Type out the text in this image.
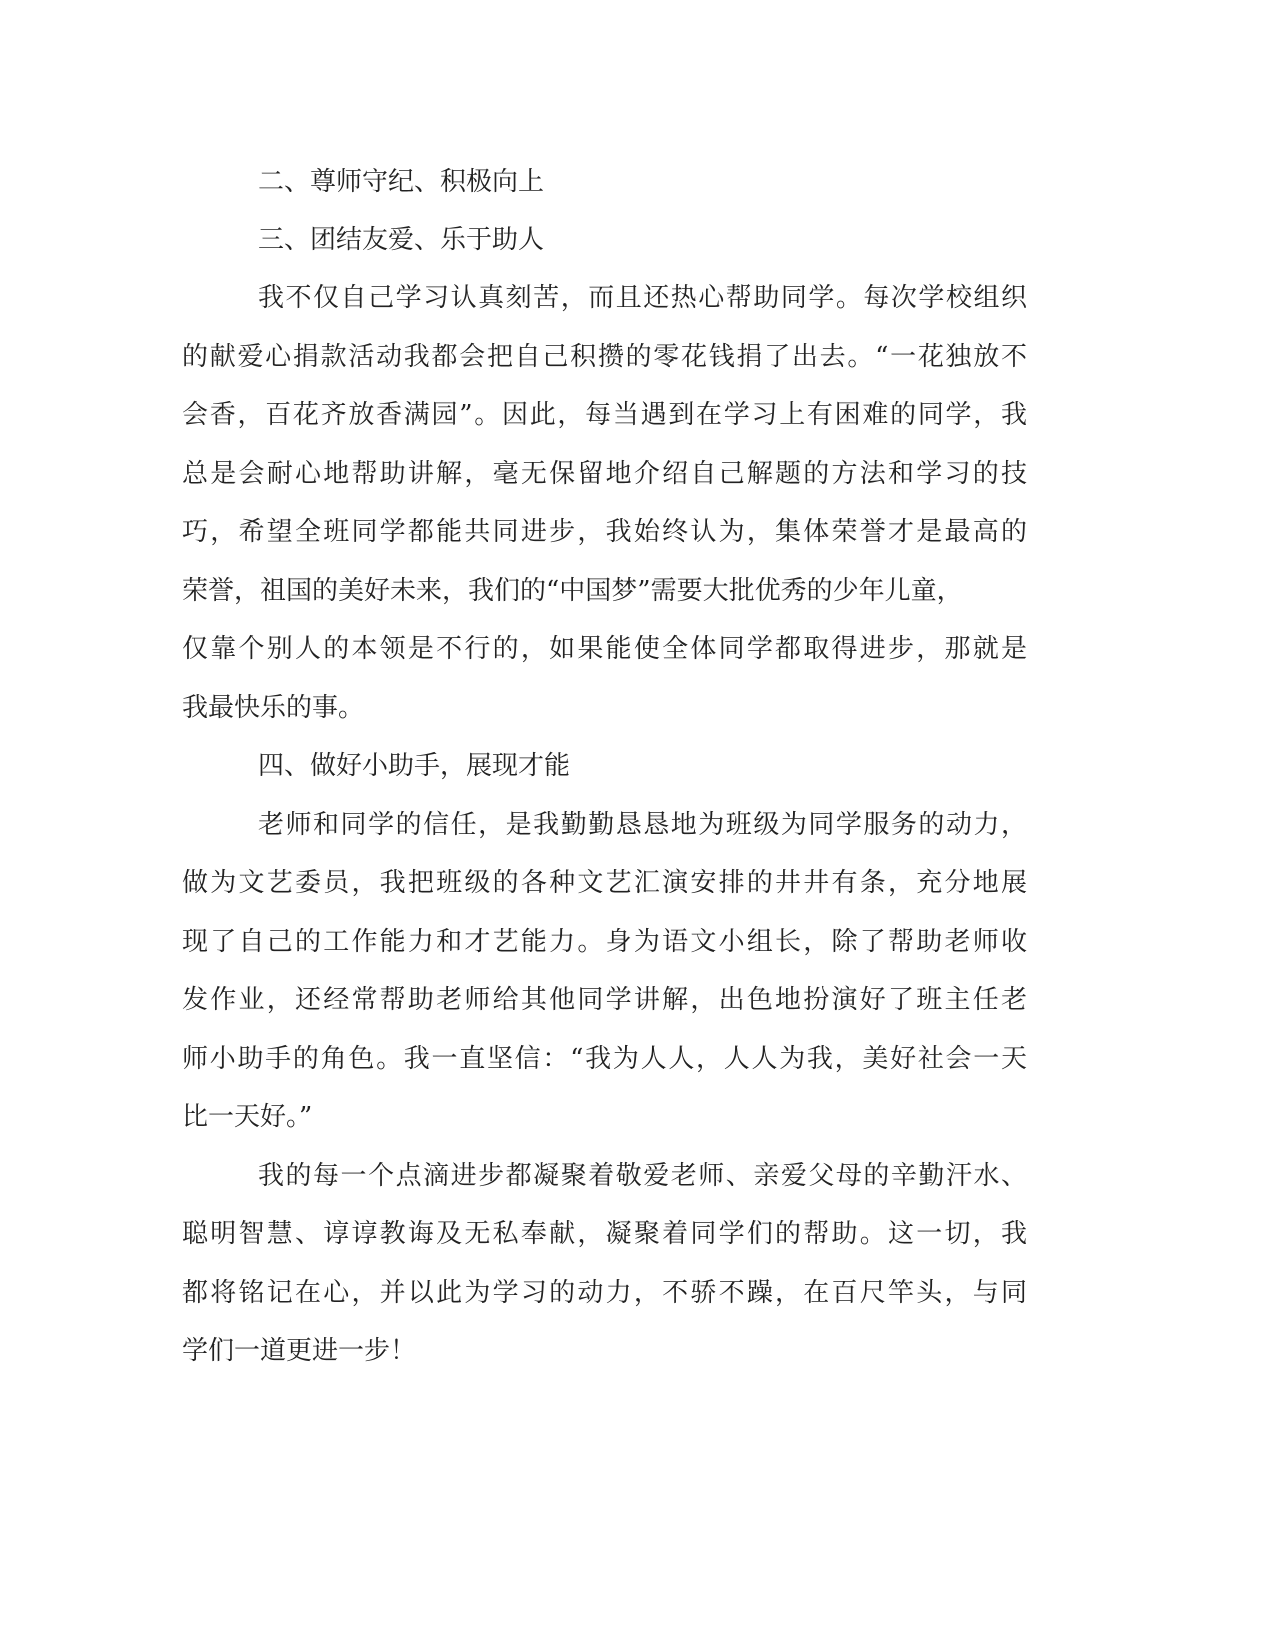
二、尊师守纪、积极向上
三、团结友爱、乐于助人
我不仅自己学习认真刻苦，而且还热心帮助同学。每次学校组织
的献爱心捐款活动我都会把自己积攒的零花钱捐了出去。“一花独放不
会香，百花齐放香满园”。因此，每当遇到在学习上有困难的同学，我
总是会耐心地帮助讲解，毫无保留地介绍自己解题的方法和学习的技
巧，希望全班同学都能共同进步，我始终认为，集体荣誉才是最高的
荣誉，祖国的美好未来，我们的“中国梦”需要大批优秀的少年儿童，
仅靠个别人的本领是不行的，如果能使全体同学都取得进步，那就是
我最快乐的事。
四、做好小助手，展现才能
老师和同学的信任，是我勤勤恳恳地为班级为同学服务的动力，
做为文艺委员，我把班级的各种文艺汇演安排的井井有条，充分地展
现了自己的工作能力和才艺能力。身为语文小组长，除了帮助老师收
发作业，还经常帮助老师给其他同学讲解，出色地扮演好了班主任老
师小助手的角色。我一直坚信：“我为人人，人人为我，美好社会一天
比一天好。”
我的每一个点滴进步都凝聚着敬爱老师、亲爱父母的辛勤汗水、
聪明智慧、谆谆教诲及无私奉献，凝聚着同学们的帮助。这一切，我
都将铭记在心，并以此为学习的动力，不骄不躁，在百尺竿头，与同
学们一道更进一步！
